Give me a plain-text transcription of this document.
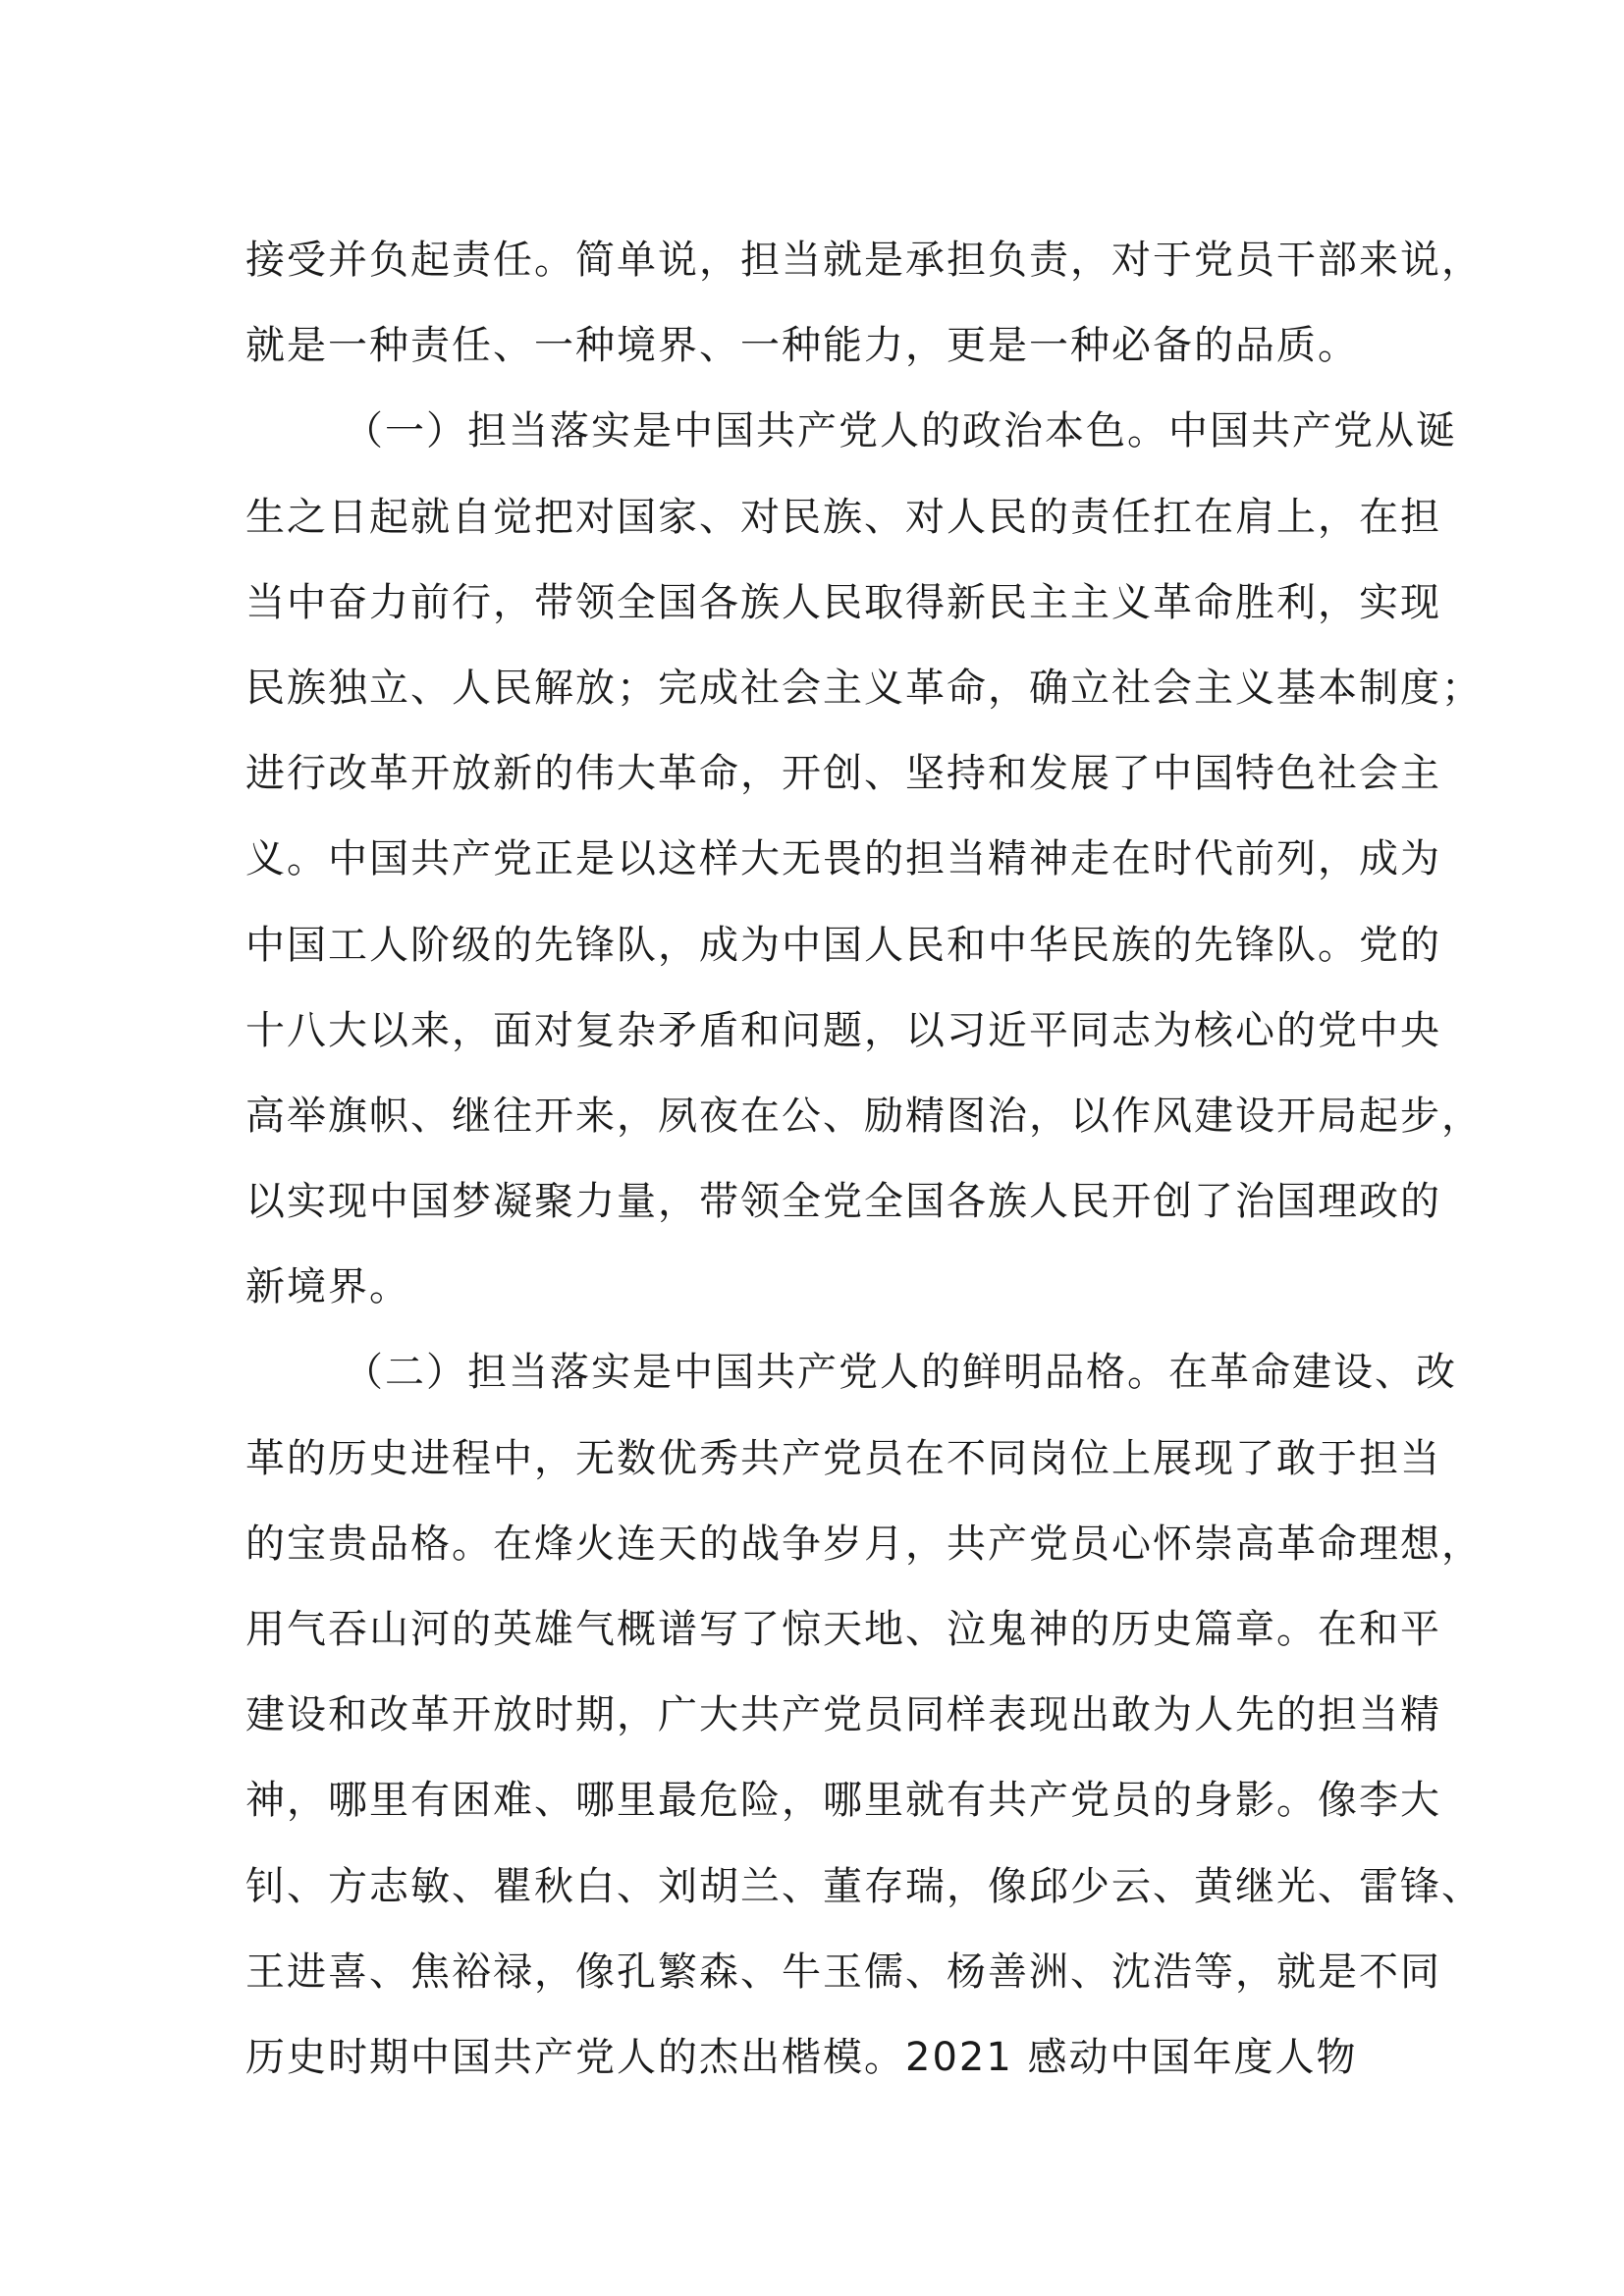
接受并负起责任。简单说，担当就是承担负责，对于党员干部来说，
就是一种责任、一种境界、一种能力，更是一种必备的品质。
（一）担当落实是中国共产党人的政治本色。中国共产党从诞
生之日起就自觉把对国家、对民族、对人民的责任扛在肩上，在担
当中奋力前行，带领全国各族人民取得新民主主义革命胜利，实现
民族独立、人民解放；完成社会主义革命，确立社会主义基本制度；
进行改革开放新的伟大革命，开创、坚持和发展了中国特色社会主
义。中国共产党正是以这样大无畏的担当精神走在时代前列，成为
中国工人阶级的先锋队，成为中国人民和中华民族的先锋队。党的
十八大以来，面对复杂矛盾和问题，以习近平同志为核心的党中央
高举旗帜、继往开来，夙夜在公、励精图治，以作风建设开局起步，
以实现中国梦凝聚力量，带领全党全国各族人民开创了治国理政的
新境界。
（二）担当落实是中国共产党人的鲜明品格。在革命建设、改
革的历史进程中，无数优秀共产党员在不同岗位上展现了敢于担当
的宝贵品格。在烽火连天的战争岁月，共产党员心怀崇高革命理想，
用气吞山河的英雄气概谱写了惊天地、泣鬼神的历史篇章。在和平
建设和改革开放时期，广大共产党员同样表现出敢为人先的担当精
神，哪里有困难、哪里最危险，哪里就有共产党员的身影。像李大
钊、方志敏、瞿秋白、刘胡兰、董存瑞，像邱少云、黄继光、雷锋、
王进喜、焦裕禄，像孔繁森、牛玉儒、杨善洲、沈浩等，就是不同
历史时期中国共产党人的杰出楷模。2021 感动中国年度人物
